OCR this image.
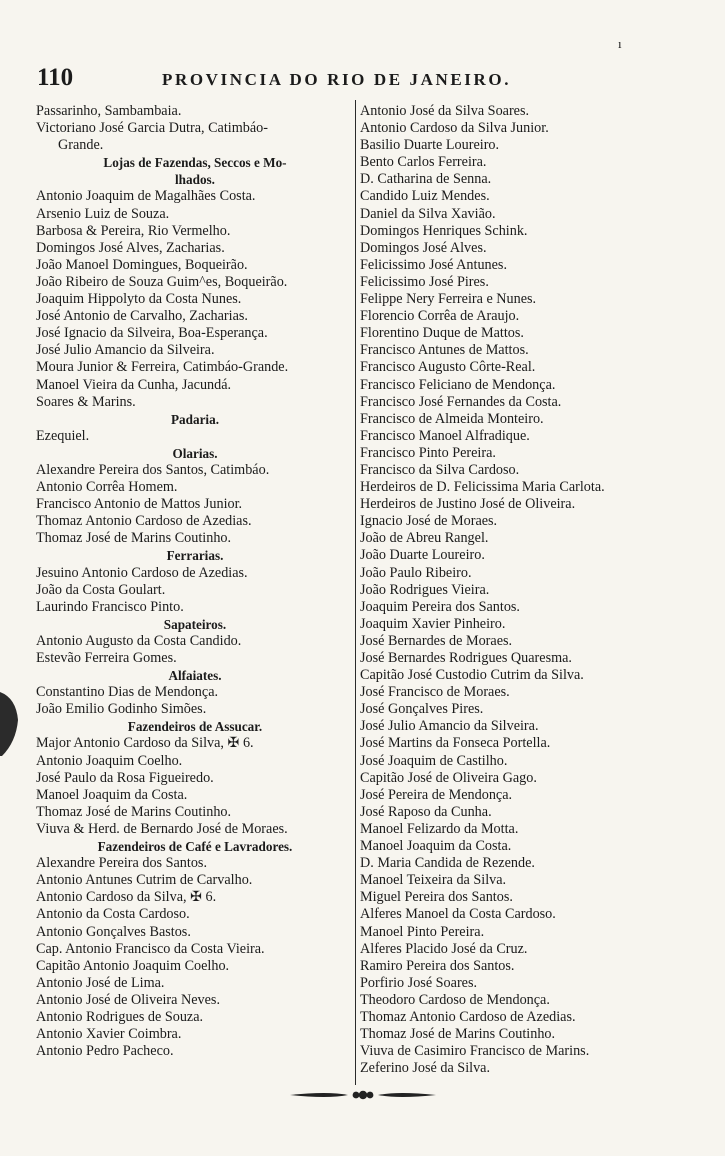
ı
110	PROVINCIA DO RIO DE JANEIRO.
Passarinho, Sambambaia.
Victoriano José Garcia Dutra, Catimbáo-
Grande.
Lojas de Fazendas, Seccos e Mo-
lhados.
Antonio Joaquim de Magalhães Costa.
Arsenio Luiz de Souza.
Barbosa & Pereira, Rio Vermelho.
Domingos José Alves, Zacharias.
João Manoel Domingues, Boqueirão.
João Ribeiro de Souza Guim^es, Boqueirão.
Joaquim Hippolyto da Costa Nunes.
José Antonio de Carvalho, Zacharias.
José Ignacio da Silveira, Boa-Esperança.
José Julio Amancio da Silveira.
Moura Junior & Ferreira, Catimbáo-Grande.
Manoel Vieira da Cunha, Jacundá.
Soares & Marins.
Padaria.
Ezequiel.
Olarias.
Alexandre Pereira dos Santos, Catimbáo.
Antonio Corrêa Homem.
Francisco Antonio de Mattos Junior.
Thomaz Antonio Cardoso de Azedias.
Thomaz José de Marins Coutinho.
Ferrarias.
Jesuino Antonio Cardoso de Azedias.
João da Costa Goulart.
Laurindo Francisco Pinto.
Sapateiros.
Antonio Augusto da Costa Candido.
Estevão Ferreira Gomes.
Alfaiates.
Constantino Dias de Mendonça.
João Emilio Godinho Simões.
Fazendeiros de Assucar.
Major Antonio Cardoso da Silva, ✠ 6.
Antonio Joaquim Coelho.
José Paulo da Rosa Figueiredo.
Manoel Joaquim da Costa.
Thomaz José de Marins Coutinho.
Viuva & Herd. de Bernardo José de Moraes.
Fazendeiros de Café e Lavradores.
Alexandre Pereira dos Santos.
Antonio Antunes Cutrim de Carvalho.
Antonio Cardoso da Silva, ✠ 6.
Antonio da Costa Cardoso.
Antonio Gonçalves Bastos.
Cap. Antonio Francisco da Costa Vieira.
Capitão Antonio Joaquim Coelho.
Antonio José de Lima.
Antonio José de Oliveira Neves.
Antonio Rodrigues de Souza.
Antonio Xavier Coimbra.
Antonio Pedro Pacheco.
Antonio José da Silva Soares.
Antonio Cardoso da Silva Junior.
Basilio Duarte Loureiro.
Bento Carlos Ferreira.
D. Catharina de Senna.
Candido Luiz Mendes.
Daniel da Silva Xavião.
Domingos Henriques Schink.
Domingos José Alves.
Felicissimo José Antunes.
Felicissimo José Pires.
Felippe Nery Ferreira e Nunes.
Florencio Corrêa de Araujo.
Florentino Duque de Mattos.
Francisco Antunes de Mattos.
Francisco Augusto Côrte-Real.
Francisco Feliciano de Mendonça.
Francisco José Fernandes da Costa.
Francisco de Almeida Monteiro.
Francisco Manoel Alfradique.
Francisco Pinto Pereira.
Francisco da Silva Cardoso.
Herdeiros de D. Felicissima Maria Carlota.
Herdeiros de Justino José de Oliveira.
Ignacio José de Moraes.
João de Abreu Rangel.
João Duarte Loureiro.
João Paulo Ribeiro.
João Rodrigues Vieira.
Joaquim Pereira dos Santos.
Joaquim Xavier Pinheiro.
José Bernardes de Moraes.
José Bernardes Rodrigues Quaresma.
Capitão José Custodio Cutrim da Silva.
José Francisco de Moraes.
José Gonçalves Pires.
José Julio Amancio da Silveira.
José Martins da Fonseca Portella.
José Joaquim de Castilho.
Capitão José de Oliveira Gago.
José Pereira de Mendonça.
José Raposo da Cunha.
Manoel Felizardo da Motta.
Manoel Joaquim da Costa.
D. Maria Candida de Rezende.
Manoel Teixeira da Silva.
Miguel Pereira dos Santos.
Alferes Manoel da Costa Cardoso.
Manoel Pinto Pereira.
Alferes Placido José da Cruz.
Ramiro Pereira dos Santos.
Porfirio José Soares.
Theodoro Cardoso de Mendonça.
Thomaz Antonio Cardoso de Azedias.
Thomaz José de Marins Coutinho.
Viuva de Casimiro Francisco de Marins.
Zeferino José da Silva.
